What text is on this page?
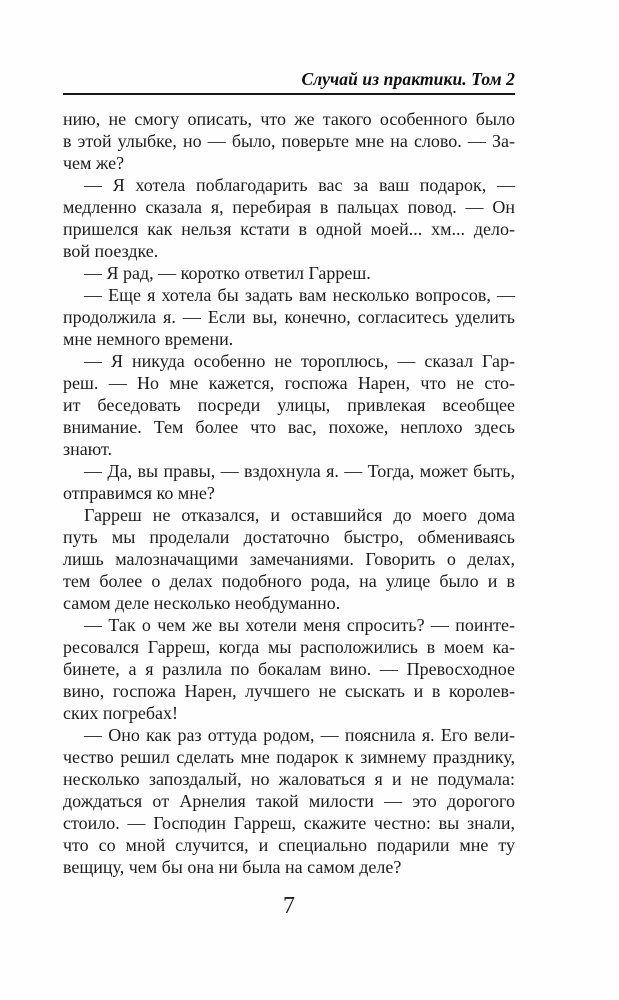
Случай из практики. Том 2
нию, не смогу описать, что же такого особенного было
в этой улыбке, но — было, поверьте мне на слово. — За-
чем же?
— Я хотела поблагодарить вас за ваш подарок, —
медленно сказала я, перебирая в пальцах повод. — Он
пришелся как нельзя кстати в одной моей... хм... дело-
вой поездке.
— Я рад, — коротко ответил Гарреш.
— Еще я хотела бы задать вам несколько вопросов, —
продолжила я. — Если вы, конечно, согласитесь уделить
мне немного времени.
— Я никуда особенно не тороплюсь, — сказал Гар-
реш. — Но мне кажется, госпожа Нарен, что не сто-
ит беседовать посреди улицы, привлекая всеобщее
внимание. Тем более что вас, похоже, неплохо здесь
знают.
— Да, вы правы, — вздохнула я. — Тогда, может быть,
отправимся ко мне?
Гарреш не отказался, и оставшийся до моего дома
путь мы проделали достаточно быстро, обмениваясь
лишь малозначащими замечаниями. Говорить о делах,
тем более о делах подобного рода, на улице было и в
самом деле несколько необдуманно.
— Так о чем же вы хотели меня спросить? — поинте-
ресовался Гарреш, когда мы расположились в моем ка-
бинете, а я разлила по бокалам вино. — Превосходное
вино, госпожа Нарен, лучшего не сыскать и в королев-
ских погребах!
— Оно как раз оттуда родом, — пояснила я. Его вели-
чество решил сделать мне подарок к зимнему празднику,
несколько запоздалый, но жаловаться я и не подумала:
дождаться от Арнелия такой милости — это дорогого
стоило. — Господин Гарреш, скажите честно: вы знали,
что со мной случится, и специально подарили мне ту
вещицу, чем бы она ни была на самом деле?
7
